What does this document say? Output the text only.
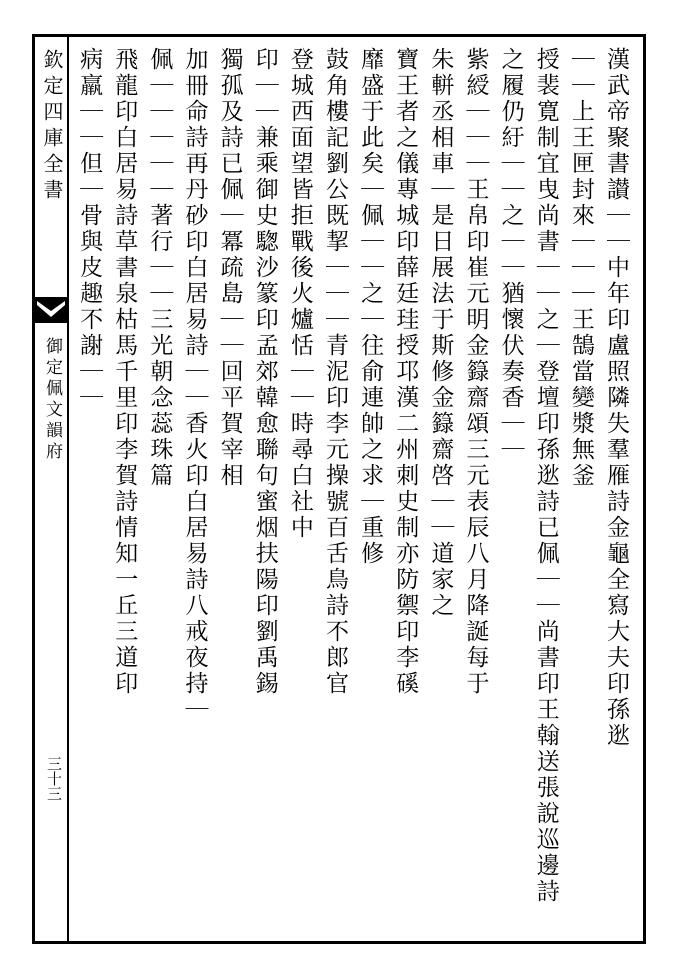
欽定四庫全書
御定佩文韻府
三十三
漢武帝聚書讃｜｜中年印盧照隣失羣雁詩金龜全寫大夫印孫逖
｜｜上王匣封來｜｜｜王鵠當變漿無釜
授裴寛制宜曳尚書｜｜之｜登壇印孫逖詩已佩｜｜尚書印王翰送張說巡邊詩
之履仍紆｜｜之｜｜猶懷伏奏香｜｜
紫綬｜｜｜王帛印崔元明金籙齋頌三元表辰八月降誕每于
朱軿丞相車｜是日展法于斯修金籙齋啓｜｜道家之
寶王者之儀專城印薛廷珪授邛漢二州刺史制亦防禦印李磎
靡盛于此矣｜佩｜｜之｜往俞連帥之求｜重修
鼓角樓記劉公既挈｜｜｜青泥印李元操號百舌鳥詩不郎官
登城西面望皆拒戰後火爐恬｜｜時尋白社中
印｜｜兼乘御史騘沙篆印孟郊韓愈聯句蜜烟扶陽印劉禹錫
獨孤及詩已佩｜冪疏島｜｜回平賀宰相
加冊命詩再丹砂印白居易詩｜｜香火印白居易詩八戒夜持｜
佩｜｜｜｜｜著行｜｜三光朝念蕊珠篇
飛龍印白居易詩草書泉枯馬千里印李賀詩情知一丘三道印
病羸｜｜但｜骨與皮趣不謝｜｜
